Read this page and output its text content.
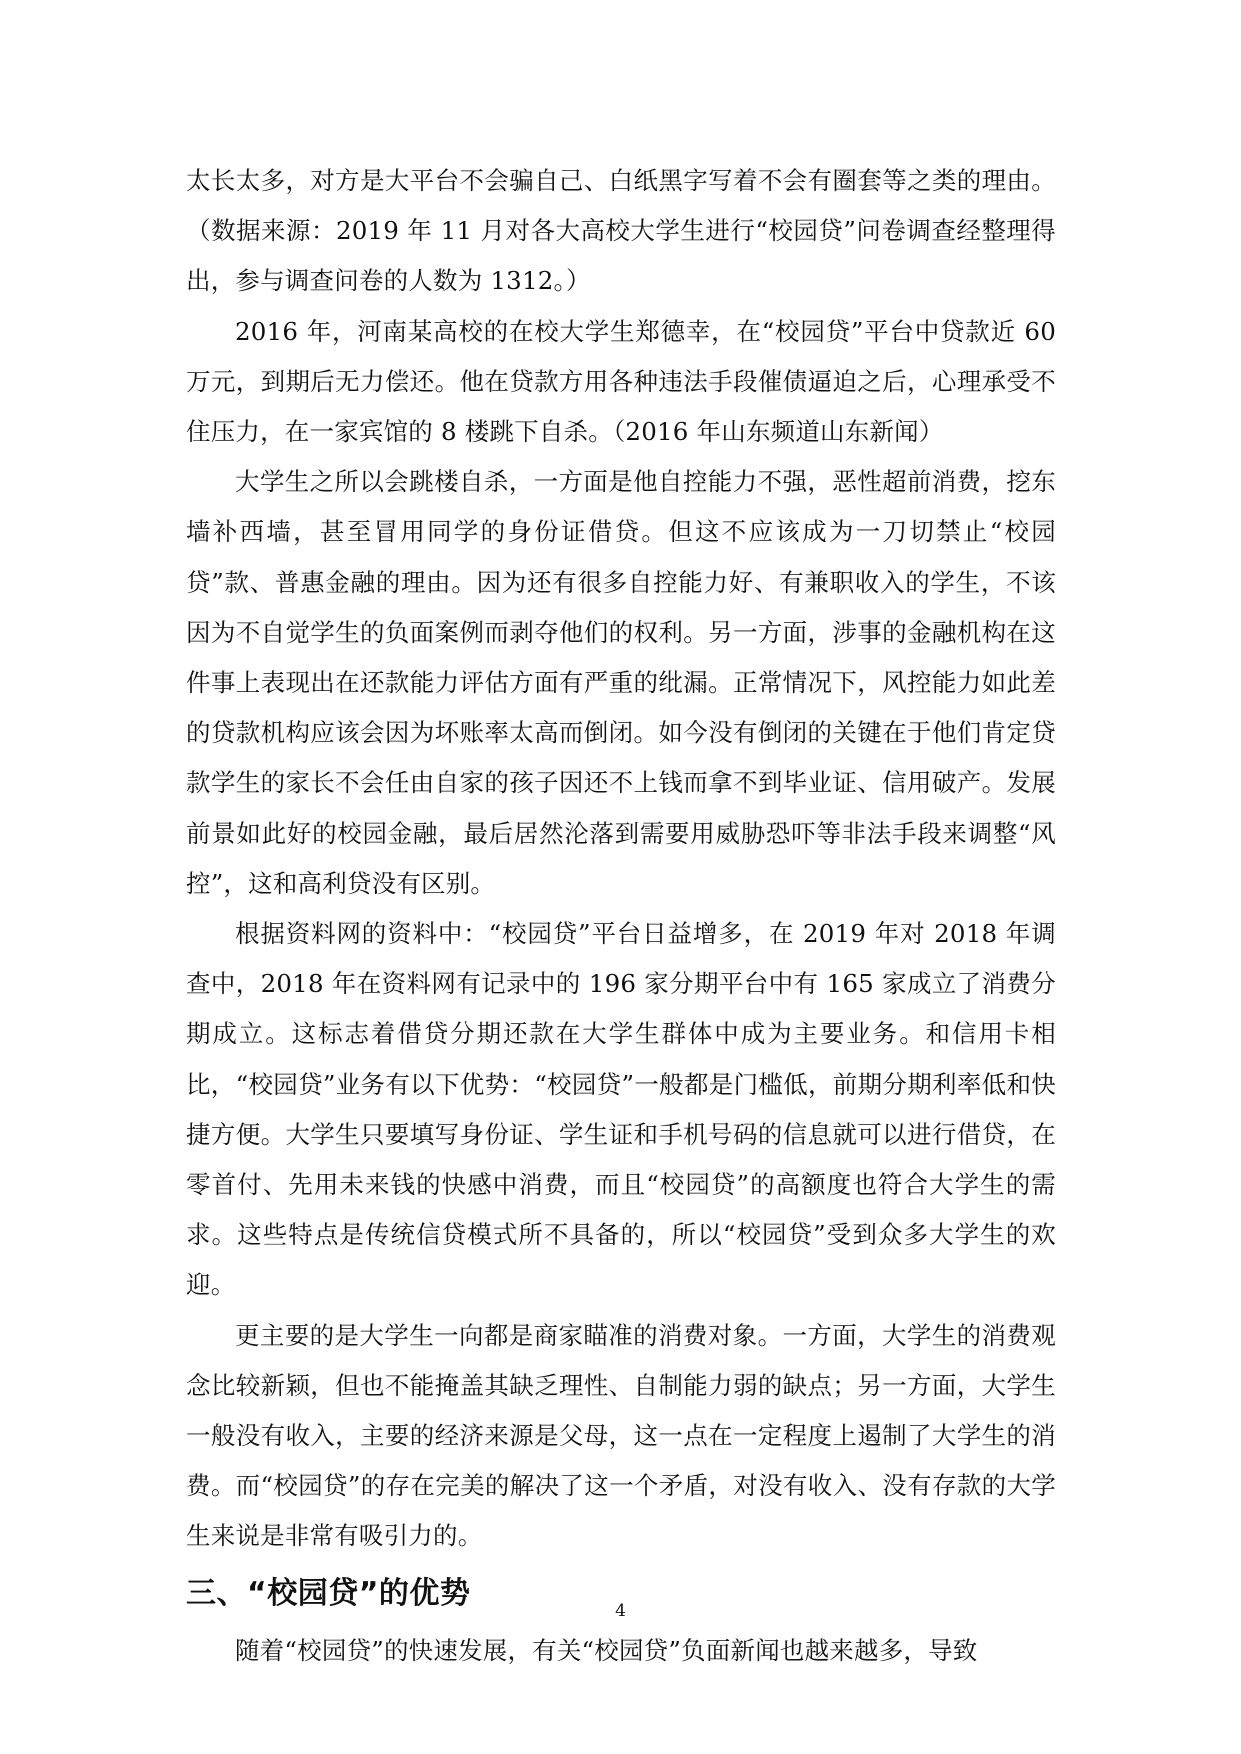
太长太多，对方是大平台不会骗自己、白纸黑字写着不会有圈套等之类的理由。（数据来源：2019 年 11 月对各大高校大学生进行“校园贷”问卷调查经整理得出，参与调查问卷的人数为 1312。）

2016 年，河南某高校的在校大学生郑德幸，在“校园贷”平台中贷款近 60 万元，到期后无力偿还。他在贷款方用各种违法手段催债逼迫之后，心理承受不住压力，在一家宾馆的 8 楼跳下自杀。（2016 年山东频道山东新闻）

大学生之所以会跳楼自杀，一方面是他自控能力不强，恶性超前消费，挖东墙补西墙，甚至冒用同学的身份证借贷。但这不应该成为一刀切禁止“校园贷”款、普惠金融的理由。因为还有很多自控能力好、有兼职收入的学生，不该因为不自觉学生的负面案例而剥夺他们的权利。另一方面，涉事的金融机构在这件事上表现出在还款能力评估方面有严重的纰漏。正常情况下，风控能力如此差的贷款机构应该会因为坏账率太高而倒闭。如今没有倒闭的关键在于他们肯定贷款学生的家长不会任由自家的孩子因还不上钱而拿不到毕业证、信用破产。发展前景如此好的校园金融，最后居然沦落到需要用威胁恐吓等非法手段来调整“风控”，这和高利贷没有区别。

根据资料网的资料中：“校园贷”平台日益增多，在 2019 年对 2018 年调查中，2018 年在资料网有记录中的 196 家分期平台中有 165 家成立了消费分期成立。这标志着借贷分期还款在大学生群体中成为主要业务。和信用卡相比，“校园贷”业务有以下优势：“校园贷”一般都是门槛低，前期分期利率低和快捷方便。大学生只要填写身份证、学生证和手机号码的信息就可以进行借贷，在零首付、先用未来钱的快感中消费，而且“校园贷”的高额度也符合大学生的需求。这些特点是传统信贷模式所不具备的，所以“校园贷”受到众多大学生的欢迎。

更主要的是大学生一向都是商家瞄准的消费对象。一方面，大学生的消费观念比较新颖，但也不能掩盖其缺乏理性、自制能力弱的缺点；另一方面，大学生一般没有收入，主要的经济来源是父母，这一点在一定程度上遏制了大学生的消费。而“校园贷”的存在完美的解决了这一个矛盾，对没有收入、没有存款的大学生来说是非常有吸引力的。

三、“校园贷”的优势

随着“校园贷”的快速发展，有关“校园贷”负面新闻也越来越多，导致

4
